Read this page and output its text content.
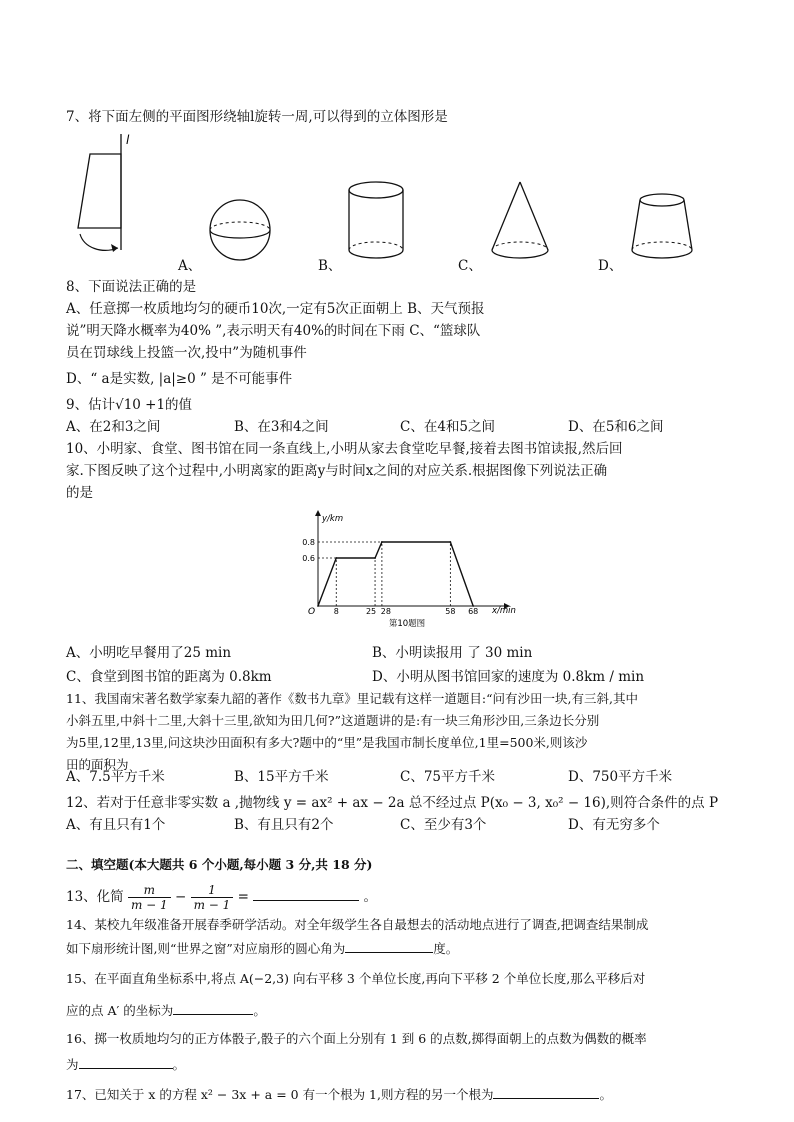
7、将下面左侧的平面图形绕轴l旋转一周,可以得到的立体图形是
l
A、	B、	C、	D、
8、下面说法正确的是
A、任意掷一枚质地均匀的硬币10次,一定有5次正面朝上 B、天气预报
说”明天降水概率为40% ”,表示明天有40%的时间在下雨 C、“篮球队
员在罚球线上投篮一次,投中”为随机事件
D、“ a是实数, |a|≥0 ” 是不可能事件
9、估计√10 +1的值
A、在2和3之间	B、在3和4之间	C、在4和5之间	D、在5和6之间
10、小明家、食堂、图书馆在同一条直线上,小明从家去食堂吃早餐,接着去图书馆读报,然后回
家.下图反映了这个过程中,小明离家的距离y与时间x之间的对应关系.根据图像下列说法正确
的是
y/km
x/min
O
0.6
0.8
8	25 28	58 68
第10题图
A、小明吃早餐用了25 min	B、小明读报用 了 30 min
C、食堂到图书馆的距离为 0.8km	D、小明从图书馆回家的速度为 0.8km / min
11、我国南宋著名数学家秦九韶的著作《数书九章》里记载有这样一道题目:“问有沙田一块,有三斜,其中
小斜五里,中斜十二里,大斜十三里,欲知为田几何?”这道题讲的是:有一块三角形沙田,三条边长分别
为5里,12里,13里,问这块沙田面积有多大?题中的“里”是我国市制长度单位,1里=500米,则该沙
田的面积为
A、7.5平方千米	B、15平方千米	C、75平方千米	D、750平方千米
12、若对于任意非零实数 a ,抛物线 y = ax² + ax − 2a 总不经过点 P(x₀ − 3, x₀² − 16),则符合条件的点 P
A、有且只有1个	B、有且只有2个	C、至少有3个	D、有无穷多个
二、填空题(本大题共 6 个小题,每小题 3 分,共 18 分)
13、化简 $\frac{m}{m - 1} - \frac{1}{m - 1}$ =	。
14、某校九年级准备开展春季研学活动。对全年级学生各自最想去的活动地点进行了调查,把调查结果制成
如下扇形统计图,则“世界之窗”对应扇形的圆心角为	度。
15、在平面直角坐标系中,将点 A(−2,3) 向右平移 3 个单位长度,再向下平移 2 个单位长度,那么平移后对
应的点 A′ 的坐标为	。
16、掷一枚质地均匀的正方体骰子,骰子的六个面上分别有 1 到 6 的点数,掷得面朝上的点数为偶数的概率
为	。
17、已知关于 x 的方程 x² − 3x + a = 0 有一个根为 1,则方程的另一个根为	。
